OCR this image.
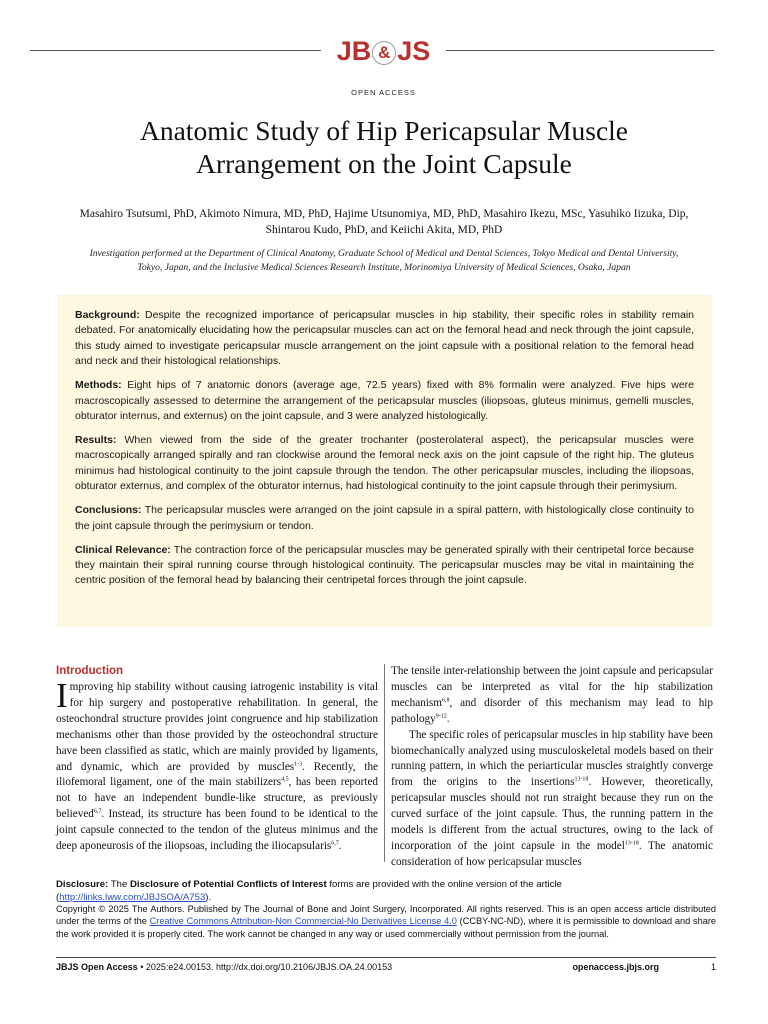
JB & JS
OPEN ACCESS
Anatomic Study of Hip Pericapsular Muscle
Arrangement on the Joint Capsule
Masahiro Tsutsumi, PhD, Akimoto Nimura, MD, PhD, Hajime Utsunomiya, MD, PhD, Masahiro Ikezu, MSc, Yasuhiko Iizuka, Dip,
Shintarou Kudo, PhD, and Keiichi Akita, MD, PhD
Investigation performed at the Department of Clinical Anatomy, Graduate School of Medical and Dental Sciences, Tokyo Medical and Dental University,
Tokyo, Japan, and the Inclusive Medical Sciences Research Institute, Morinomiya University of Medical Sciences, Osaka, Japan

Background: Despite the recognized importance of pericapsular muscles in hip stability, their specific roles in stability remain debated. For anatomically elucidating how the pericapsular muscles can act on the femoral head and neck through the joint capsule, this study aimed to investigate pericapsular muscle arrangement on the joint capsule with a positional relation to the femoral head and neck and their histological relationships.

Methods: Eight hips of 7 anatomic donors (average age, 72.5 years) fixed with 8% formalin were analyzed. Five hips were macroscopically assessed to determine the arrangement of the pericapsular muscles (iliopsoas, gluteus minimus, gemelli muscles, obturator internus, and externus) on the joint capsule, and 3 were analyzed histologically.

Results: When viewed from the side of the greater trochanter (posterolateral aspect), the pericapsular muscles were macroscopically arranged spirally and ran clockwise around the femoral neck axis on the joint capsule of the right hip. The gluteus minimus had histological continuity to the joint capsule through the tendon. The other pericapsular muscles, including the iliopsoas, obturator externus, and complex of the obturator internus, had histological continuity to the joint capsule through their perimysium.

Conclusions: The pericapsular muscles were arranged on the joint capsule in a spiral pattern, with histologically close continuity to the joint capsule through the perimysium or tendon.

Clinical Relevance: The contraction force of the pericapsular muscles may be generated spirally with their centripetal force because they maintain their spiral running course through histological continuity. The pericapsular muscles may be vital in maintaining the centric position of the femoral head by balancing their centripetal forces through the joint capsule.

Introduction

Improving hip stability without causing iatrogenic instability is vital for hip surgery and postoperative rehabilitation. In general, the osteochondral structure provides joint congruence and hip stabilization mechanisms other than those provided by the osteochondral structure have been classified as static, which are mainly provided by ligaments, and dynamic, which are provided by muscles$^{1-3}$. Recently, the iliofemoral ligament, one of the main stabilizers$^{4,5}$, has been reported not to have an independent bundle-like structure, as previously believed$^{6,7}$. Instead, its structure has been found to be identical to the joint capsule connected to the tendon of the gluteus minimus and the deep aponeurosis of the iliopsoas, including the iliocapsularis$^{6,7}$.

The tensile inter-relationship between the joint capsule and pericapsular muscles can be interpreted as vital for the hip stabilization mechanism$^{6,8}$, and disorder of this mechanism may lead to hip pathology$^{9-12}$.

The specific roles of pericapsular muscles in hip stability have been biomechanically analyzed using musculoskeletal models based on their running pattern, in which the periarticular muscles straightly converge from the origins to the insertions$^{13-18}$. However, theoretically, pericapsular muscles should not run straight because they run on the curved surface of the joint capsule. Thus, the running pattern in the models is different from the actual structures, owing to the lack of incorporation of the joint capsule in the model$^{13-18}$. The anatomic consideration of how pericapsular muscles

Disclosure: The Disclosure of Potential Conflicts of Interest forms are provided with the online version of the article (http://links.lww.com/JBJSOA/A753).
Copyright © 2025 The Authors. Published by The Journal of Bone and Joint Surgery, Incorporated. All rights reserved. This is an open access article distributed under the terms of the Creative Commons Attribution-Non Commercial-No Derivatives License 4.0 (CCBY-NC-ND), where it is permissible to download and share the work provided it is properly cited. The work cannot be changed in any way or used commercially without permission from the journal.
JBJS Open Access • 2025:e24.00153. http://dx.doi.org/10.2106/JBJS.OA.24.00153	openaccess.jbjs.org	1
